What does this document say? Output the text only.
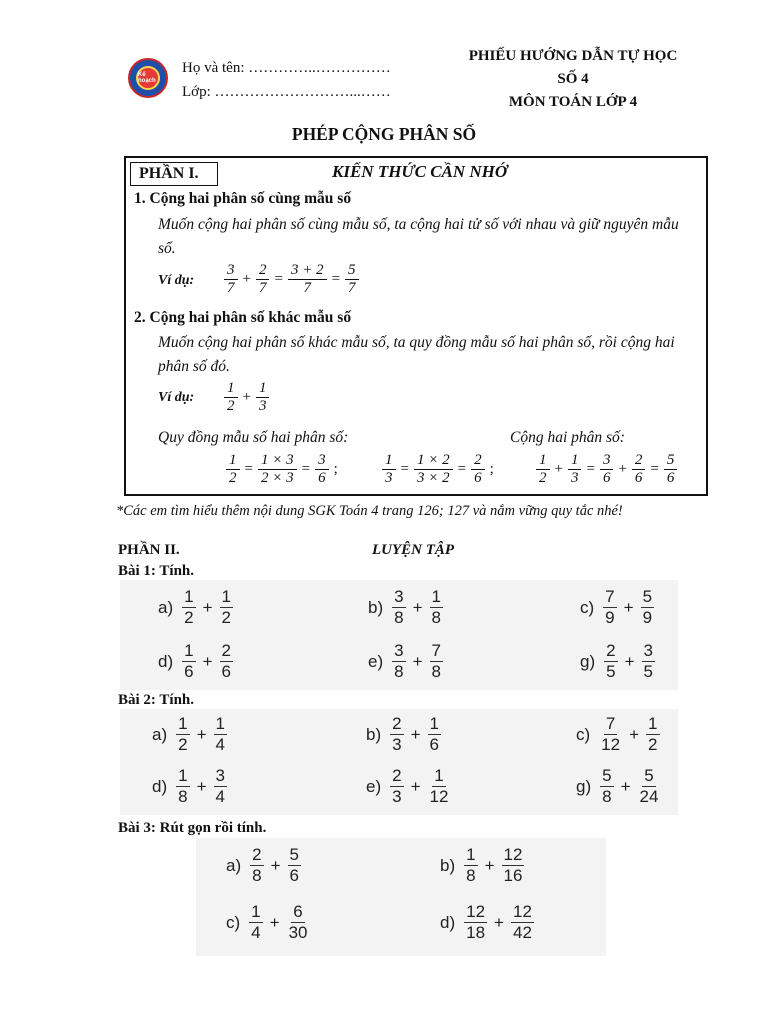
Kế hoạch
Họ và tên: …………..……………
Lớp: ………………………...……
PHIẾU HƯỚNG DẪN TỰ HỌC
SỐ 4
MÔN TOÁN LỚP 4
PHÉP CỘNG PHÂN SỐ
PHẦN I.	KIẾN THỨC CẦN NHỚ
1. Cộng hai phân số cùng mẫu số
Muốn cộng hai phân số cùng mẫu số, ta cộng hai tử số với nhau và giữ nguyên mẫu số.
Ví dụ: $\frac{3}{7} + \frac{2}{7} = \frac{3 + 2}{7} = \frac{5}{7}$
2. Cộng hai phân số khác mẫu số
Muốn cộng hai phân số khác mẫu số, ta quy đồng mẫu số hai phân số, rồi cộng hai phân số đó.
Ví dụ: $\frac{1}{2} + \frac{1}{3}$
Quy đồng mẫu số hai phân số:	Cộng hai phân số:
$\frac{1}{2} = \frac{1 \times 3}{2 \times 3} = \frac{3}{6}$ ;	$\frac{1}{3} = \frac{1 \times 2}{3 \times 2} = \frac{2}{6}$ ;	$\frac{1}{2} + \frac{1}{3} = \frac{3}{6} + \frac{2}{6} = \frac{5}{6}$
*Các em tìm hiểu thêm nội dung SGK Toán 4 trang 126; 127 và nắm vững quy tắc nhé!
PHẦN II.	LUYỆN TẬP
Bài 1: Tính.
$a) \frac{1}{2} + \frac{1}{2}$	$b) \frac{3}{8} + \frac{1}{8}$	$c) \frac{7}{9} + \frac{5}{9}$
$d) \frac{1}{6} + \frac{2}{6}$	$e) \frac{3}{8} + \frac{7}{8}$	$g) \frac{2}{5} + \frac{3}{5}$
Bài 2: Tính.
$a) \frac{1}{2} + \frac{1}{4}$	$b) \frac{2}{3} + \frac{1}{6}$	$c) \frac{7}{12} + \frac{1}{2}$
$d) \frac{1}{8} + \frac{3}{4}$	$e) \frac{2}{3} + \frac{1}{12}$	$g) \frac{5}{8} + \frac{5}{24}$
Bài 3: Rút gọn rồi tính.
$a) \frac{2}{8} + \frac{5}{6}$	$b) \frac{1}{8} + \frac{12}{16}$
$c) \frac{1}{4} + \frac{6}{30}$	$d) \frac{12}{18} + \frac{12}{42}$
